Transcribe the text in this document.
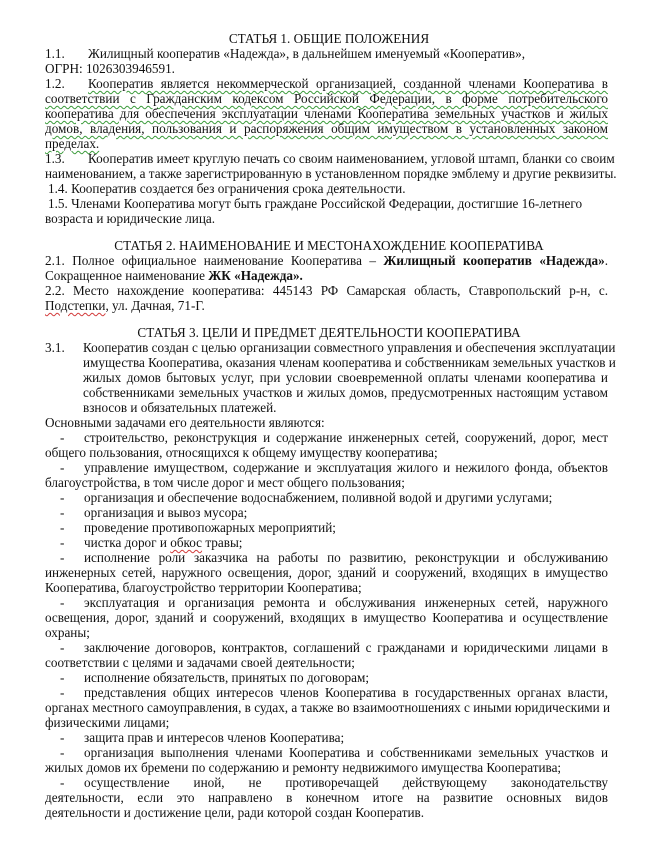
СТАТЬЯ 1. ОБЩИЕ ПОЛОЖЕНИЯ
1.1. Жилищный кооператив «Надежда», в дальнейшем именуемый «Кооператив»,
ОГРН: 1026303946591.
1.2. Кооператив является некоммерческой организацией, созданной членами Кооператива в
соответствии с Гражданским кодексом Российской Федерации, в форме потребительского
кооператива для обеспечения эксплуатации членами Кооператива земельных участков и жилых
домов, владения, пользования и распоряжения общим имуществом в установленных законом
пределах.
1.3. Кооператив имеет круглую печать со своим наименованием, угловой штамп, бланки со своим
наименованием, а также зарегистрированную в установленном порядке эмблему и другие реквизиты.
1.4. Кооператив создается без ограничения срока деятельности.
1.5. Членами Кооператива могут быть граждане Российской Федерации, достигшие 16-летнего
возраста и юридические лица.
СТАТЬЯ 2. НАИМЕНОВАНИЕ И МЕСТОНАХОЖДЕНИЕ КООПЕРАТИВА
2.1. Полное официальное наименование Кооператива – Жилищный кооператив «Надежда».
Сокращенное наименование ЖК «Надежда».
2.2. Место нахождение кооператива: 445143 РФ Самарская область, Ставропольский р-н, с.
Подстепки, ул. Дачная, 71-Г.
СТАТЬЯ 3. ЦЕЛИ И ПРЕДМЕТ ДЕЯТЕЛЬНОСТИ КООПЕРАТИВА
3.1. Кооператив создан с целью организации совместного управления и обеспечения эксплуатации
имущества Кооператива, оказания членам кооператива и собственникам земельных участков и
жилых домов бытовых услуг, при условии своевременной оплаты членами кооператива и
собственниками земельных участков и жилых домов, предусмотренных настоящим уставом
взносов и обязательных платежей.
Основными задачами его деятельности являются:
- строительство, реконструкция и содержание инженерных сетей, сооружений, дорог, мест
общего пользования, относящихся к общему имуществу кооператива;
- управление имуществом, содержание и эксплуатация жилого и нежилого фонда, объектов
благоустройства, в том числе дорог и мест общего пользования;
- организация и обеспечение водоснабжением, поливной водой и другими услугами;
- организация и вывоз мусора;
- проведение противопожарных мероприятий;
- чистка дорог и обкос травы;
- исполнение роли заказчика на работы по развитию, реконструкции и обслуживанию
инженерных сетей, наружного освещения, дорог, зданий и сооружений, входящих в имущество
Кооператива, благоустройство территории Кооператива;
- эксплуатация и организация ремонта и обслуживания инженерных сетей, наружного
освещения, дорог, зданий и сооружений, входящих в имущество Кооператива и осуществление
охраны;
- заключение договоров, контрактов, соглашений с гражданами и юридическими лицами в
соответствии с целями и задачами своей деятельности;
- исполнение обязательств, принятых по договорам;
- представления общих интересов членов Кооператива в государственных органах власти,
органах местного самоуправления, в судах, а также во взаимоотношениях с иными юридическими и
физическими лицами;
- защита прав и интересов членов Кооператива;
- организация выполнения членами Кооператива и собственниками земельных участков и
жилых домов их бремени по содержанию и ремонту недвижимого имущества Кооператива;
- осуществление иной, не противоречащей действующему законодательству
деятельности, если это направлено в конечном итоге на развитие основных видов
деятельности и достижение цели, ради которой создан Кооператив.
